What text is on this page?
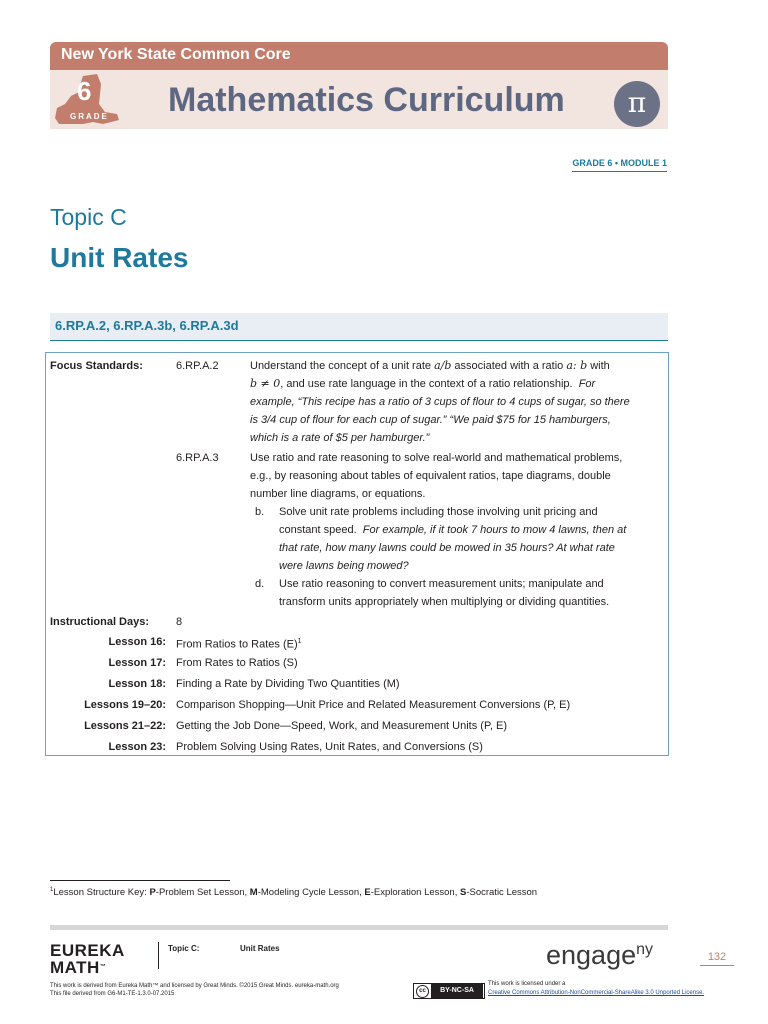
New York State Common Core
6
GRADE Mathematics Curriculum	π
GRADE 6 • MODULE 1
Topic C
Unit Rates
6.RP.A.2, 6.RP.A.3b, 6.RP.A.3d
Focus Standards:	6.RP.A.2	Understand the concept of a unit rate a/b associated with a ratio a: b with
b ≠ 0, and use rate language in the context of a ratio relationship. For
example, “This recipe has a ratio of 3 cups of flour to 4 cups of sugar, so there
is 3/4 cup of flour for each cup of sugar.” “We paid $75 for 15 hamburgers,
which is a rate of $5 per hamburger.”
6.RP.A.3	Use ratio and rate reasoning to solve real-world and mathematical problems,
e.g., by reasoning about tables of equivalent ratios, tape diagrams, double
number line diagrams, or equations.
b. Solve unit rate problems including those involving unit pricing and
constant speed. For example, if it took 7 hours to mow 4 lawns, then at
that rate, how many lawns could be mowed in 35 hours? At what rate
were lawns being mowed?
d. Use ratio reasoning to convert measurement units; manipulate and
transform units appropriately when multiplying or dividing quantities.
Instructional Days: 8
Lesson 16: From Ratios to Rates $(E)^1$
Lesson 17: From Rates to Ratios (S)
Lesson 18: Finding a Rate by Dividing Two Quantities (M)
Lessons 19–20: Comparison Shopping—Unit Price and Related Measurement Conversions (P, E)
Lessons 21–22: Getting the Job Done—Speed, Work, and Measurement Units (P, E)
Lesson 23: Problem Solving Using Rates, Unit Rates, and Conversions (S)
$^1$Lesson Structure Key: P-Problem Set Lesson, M-Modeling Cycle Lesson, E-Exploration Lesson, S-Socratic Lesson
EUREKA
MATH™
Topic C:	Unit Rates	engage$^{ny}$	132
This work is derived from Eureka Math™ and licensed by Great Minds. ©2015 Great Minds. eureka-math.org
This file derived from G6-M1-TE-1.3.0-07.2015	cc	BY-NC-SA
This work is licensed under a
Creative Commons Attribution-NonCommercial-ShareAlike 3.0 Unported License.
